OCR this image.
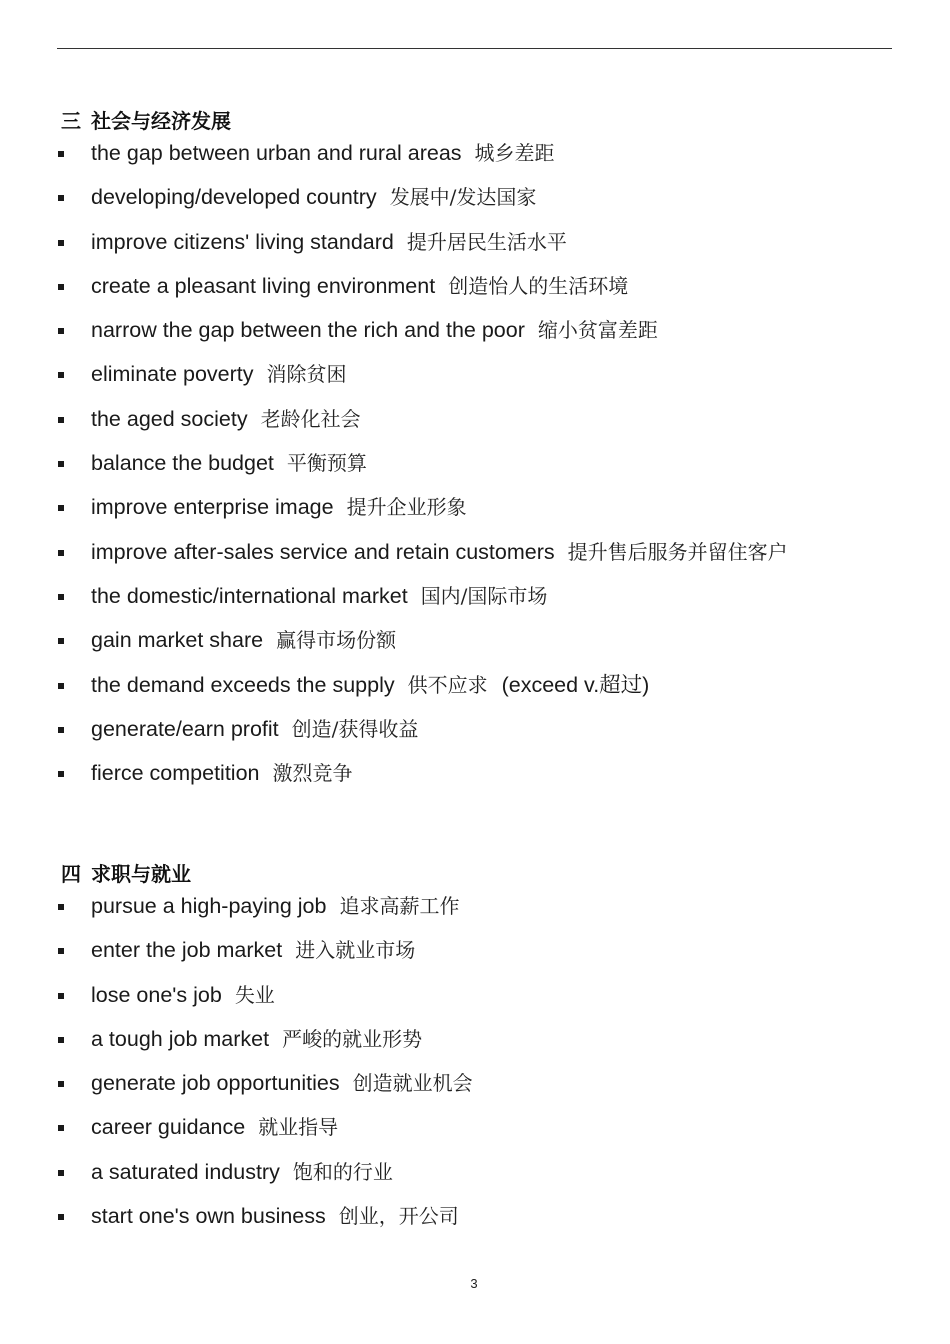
三 社会与经济发展
the gap between urban and rural areas 城乡差距
developing/developed country 发展中/发达国家
improve citizens' living standard 提升居民生活水平
create a pleasant living environment 创造怡人的生活环境
narrow the gap between the rich and the poor 缩小贫富差距
eliminate poverty 消除贫困
the aged society 老龄化社会
balance the budget 平衡预算
improve enterprise image 提升企业形象
improve after-sales service and retain customers 提升售后服务并留住客户
the domestic/international market 国内/国际市场
gain market share 赢得市场份额
the demand exceeds the supply 供不应求 (exceed v.超过)
generate/earn profit 创造/获得收益
fierce competition 激烈竞争
四 求职与就业
pursue a high-paying job 追求高薪工作
enter the job market 进入就业市场
lose one's job 失业
a tough job market 严峻的就业形势
generate job opportunities 创造就业机会
career guidance 就业指导
a saturated industry 饱和的行业
start one's own business 创业，开公司
3
